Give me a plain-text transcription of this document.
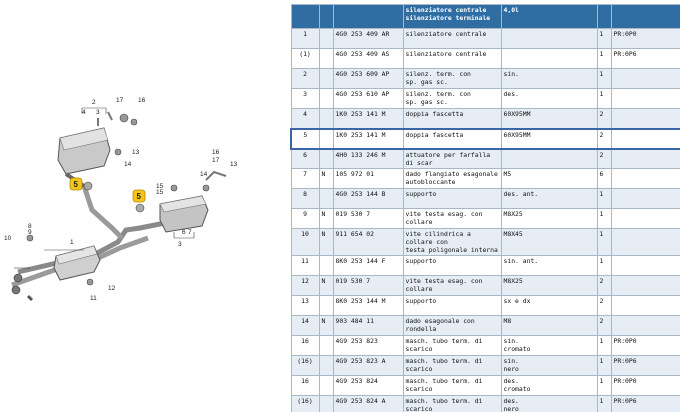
5
5
2
3
4
1
6 7
8
9
10
11
12
13
14
15
16
17
16
17
14
15
13
3
			silenziatore centrale
silenziatore terminale	4,0l		
1		4G0 253 409 AR	silenziatore centrale		1	PR:0P0
(1)		4G0 253 409 AS	silenziatore centrale		1	PR:0P6
2		4G0 253 609 AP	silenz. term. con
sp. gas sc.	sin.	1	
3		4G0 253 610 AP	silenz. term. con
sp. gas sc.	des.	1	
4		1K0 253 141 M	doppia fascetta	60X95MM	2	
5		1K0 253 141 M	doppia fascetta	60X95MM	2	
6		4H0 133 246 M	attuatore per farfalla di scar		2	
7	N	105 972 01	dado flangiato esagonale
autobloccante	M5	6	
8		4G0 253 144 B	supporto	des. ant.	1	
9	N	019 530 7	vite testa esag. con collare	M8X25	1	
10	N	911 654 02	vite cilindrica a collare con
testa poligonale interna	M8X45	1	
11		8K0 253 144 F	supporto	sin. ant.	1	
12	N	019 530 7	vite testa esag. con collare	M8X25	2	
13		8K0 253 144 M	supporto	sx e dx	2	
14	N	903 484 11	dado esagonale con rondella	M8	2	
16		4G9 253 823	masch. tubo term. di scarico	sin.
cromato	1	PR:0P0
(16)		4G9 253 823 A	masch. tubo term. di scarico	sin.
nero	1	PR:0P6
16		4G9 253 824	masch. tubo term. di scarico	des.
cromato	1	PR:0P0
(16)		4G9 253 824 A	masch. tubo term. di scarico	des.
nero	1	PR:0P6
